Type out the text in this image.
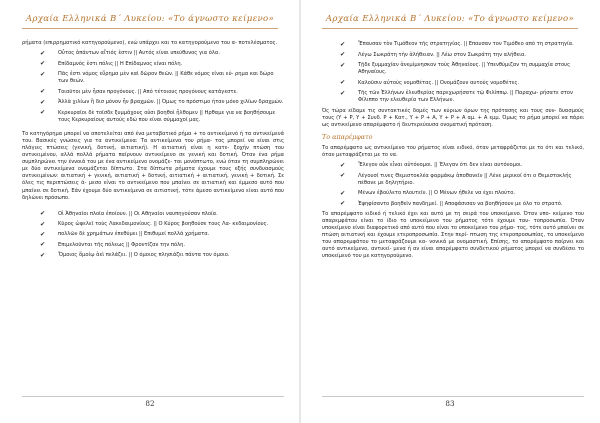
Αρχαία Ελληνικά Β΄ Λυκείου: «Το άγνωστο κείμενο»
ρήματα (επιρρηματικό κατηγορούμενο), ενώ υπάρχει και το κατηγορούμενο του α- ποτελέσματος.
✔ Οὗτος ἁπάντων αἴτιός ἐστιν || Αυτός είναι υπεύθυνος για όλα.
✔ Επίδαμνός ἐστι πόλις || Η Επίδαμνος είναι πόλη.
✔ Πᾶς ἐστι νόμος εὕρημα μὲν καὶ δῶρον θεῶν. || Κάθε νόμος είναι εύ- ρημα και δώρο των θεών.
✔ Τοιαῦτοι μὲν ἦσαν προγόνους. || Από τέτοιους προγόνους κατάγεστε.
✔ Ἀλλὰ χιλίων ἢ δισ μόνον ἦν βραχμῶν. || Όμως το πρόστιμο ήταν μόνο χιλίων δραχμών.
✔ Κερκυραῖοι δὲ τοῖσδε ξυμμάχους οὐσι βοηθοὶ ἦλθομεν || Ηρθαμε για να βοηθήσουμε τους Κερκυραίους αυτούς εδώ που είναι σύμμαχοί μας.
Το κατηγόρημα μπορεί να αποτελείται από ένα μεταβατικό ρήμα + το αντικείμενό ή τα αντικείμενά του. Βασικές γνώσεις για τα αντικείμενα: Τα αντικείμενα του ρήμα- τος μπορεί να είναι στις πλάγιες πτώσεις (γενική, δοτική, αιτιατική). Η αιτιατική είναι η κατε- ξοχήν πτώση του αντικειμένου, αλλά πολλά ρήματα παίρνουν αντικείμενο σε γενική και δοτική. Όταν ένα ρήμα συμπληρώνει την έννοιά του με ένα αντικείμενο ονομάζε- ται μονόπτωτο, ενώ όταν τη συμπληρώνει με δύο αντικείμενα ονομάζεται δίπτωτο. Στα δίπτωτα ρήματα έχουμε τους εξής συνδυασμούς αντικειμένων: αιτιατική + γενική, αιτιατική + δοτική, αιτιατική + αιτιατική, γενική + δοτική. Σε όλες τις περιπτώσεις ά- μεσο είναι το αντικείμενο που μπαίνει σε αιτιατική και έμμεσο αυτό που μπαίνει σε δοτική. Εάν έχουμε δύο αντικείμενα σε αιτιατική, τότε άμεσο αντικείμενο είναι αυτό που δηλώνει πρόσωπο.
✔ Οἱ Ἀθηναῖοι πλοῖα ἐποίουν. || Οι Αθηναίοι ναυπηγούσαν πλοία.
✔ Κῦρος ὠφελεῖ τοὺς Λακεδαιμονίους. || Ο Κύρος βοηθούσε τους Λα- κεδαιμονίους.
✔ πολλῶν δὲ χρημάτων ἐπεθύμει || Επιθυμεί πολλά χρήματα.
✔ Επιμελοῦνται τῆς πόλεως || Φροντίζαν την πόλη.
✔ Ὅμοιος ὅμοίῳ ἀεὶ πελάζει. || Ο όμοιος πλησιάζει πάντα τον όμοιο.
82
Αρχαία Ελληνικά Β΄ Λυκείου: «Το άγνωστο κείμενο»
✔ Ἔπαυσαν τὸν Τιμόθεον τῆς στρατηγίας. || Επαυσαν τον Τιμόθεο από τη στρατηγία.
✔ Λέγω Σωκράτη τὴν ἀλήθειαν. || Λέω στον Σωκράτη την αλήθεια.
✔ Τῇδε ξυμμαχίαν ἀνεμίμνησκον τοὺς Ἀθηναίους. || Υπενθύμιζαν τη συμμαχία στους Αθηναίους.
✔ Καλοῦσιν αὐτοὺς νομοθέτας. || Ονομάζουν αυτούς νομοθέτες.
✔ Τῆς τῶν Ἑλλήνων ἐλευθερίας παρεχωρήσατε τῷ Φιλίππῳ. || Παραχω- ρήσατε στον Φίλιππο την ελευθερία των Ελλήνων.
Ός τώρα είδαμε τις συντακτικές δομές των κύριων όρων της πρότασης και τους συν- δυασμούς τους (Υ + Ρ, Υ + Συνδ. Ρ + Κατ., Υ + Ρ + Α, Υ + Ρ + Α αμ. + Α εμμ. Όμως το ρήμα μπορεί να πάρει ως αντικείμενο απαρέμφατο ή δευτερεύουσα ονοματική πρόταση.
Το απαρέμφατο
Το απαρέμφατο ως αντικείμενο του ρήματος είναι ειδικό, όταν μεταφράζεται με το ότι και τελικό, όταν μεταφράζεται με το να.
✔ Ἔλεγον οὐκ εἶναι αὐτόνομοι. || Έλεγαν ότι δεν είναι αυτόνομοι.
✔ Λέγουσί τινες Θεμιστοκλέα φαρμάκῳ ἀποθανεῖν || Λένε μερικοί ότι ο Θεμιστοκλής πέθανε με δηλητήριο.
✔ Μένων ἐβούλετο πλουτεῖν. || Ο Μένων ήθελε να έχει πλούτο.
✔ Ἐψηφίσαντο βοηθεῖν πανδημεί. || Αποφάσισαν να βοηθήσουν με όλο το στρατό.
Το απαρέμφατο ειδικό ή τελικό έχει και αυτό με τη σειρά του υποκείμενο. Όταν υπο- κείμενο του απαρεμφάτου είναι το ίδιο το υποκείμενο του ρήματος τότε έχουμε ταυ- τοπροσωπία. Όταν υποκείμενο είναι διαφορετικό από αυτό που είναι το υποκείμενο του ρήμα- τος, τότε αυτό μπαίνει σε πτώση αιτιατική και έχουμε ετεροπροσωπία. Στην περί- πτωση της ετεροπροσωπίας, το υποκείμενο του απαρεμφάτου το μεταφράζουμε κα- νονικά με ονομαστική. Επίσης, το απαρέμφατο παίρνει και αυτό αντικείμενο, αντικεί- μενα ή αν είναι απαρέμφατο συνδετικού ρήματος μπορεί να συνδέσει το υποκείμενό του με κατηγορούμενο.
83
